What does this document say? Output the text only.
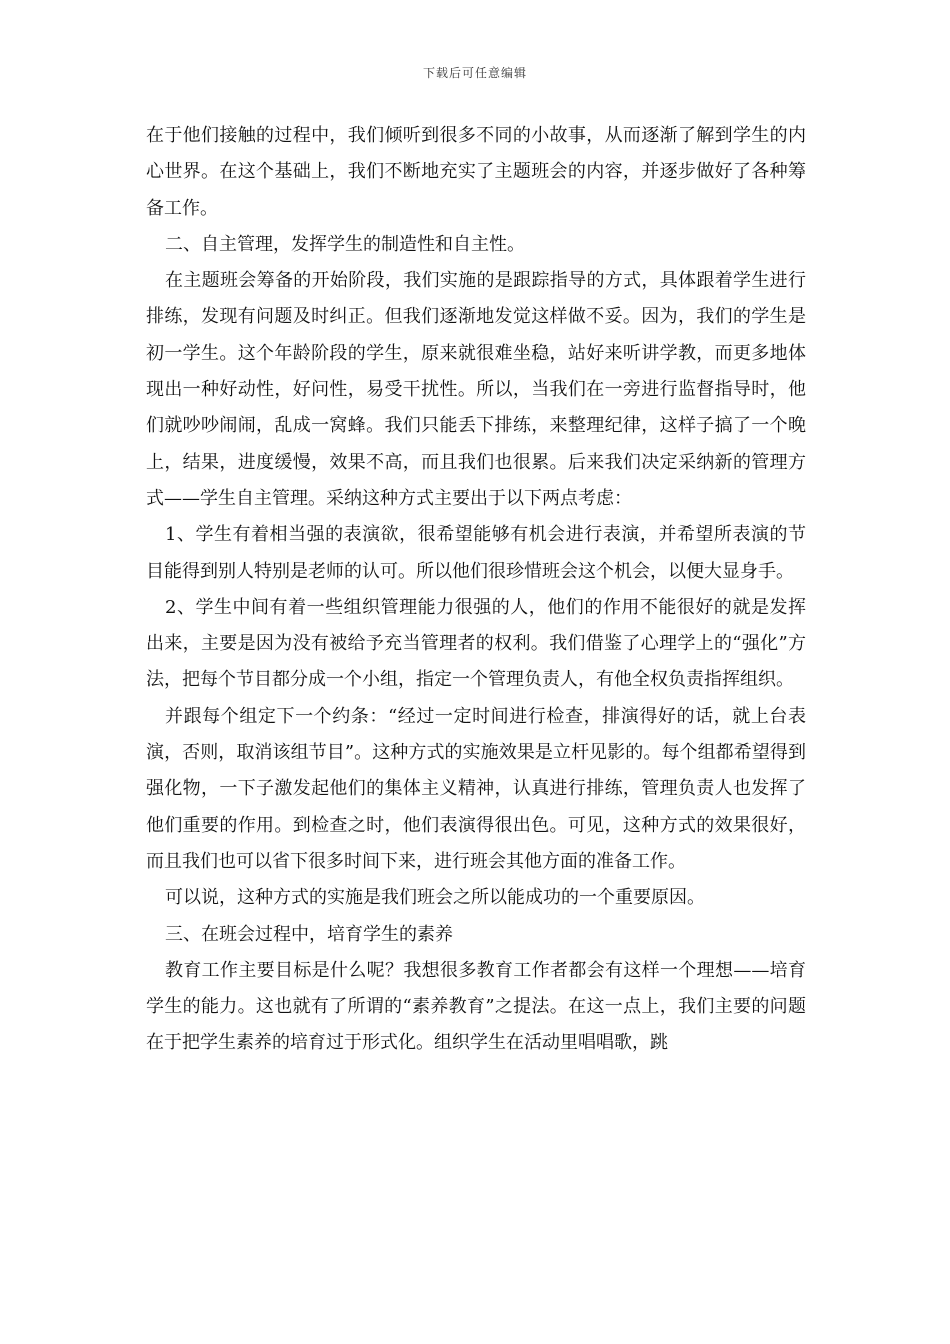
下载后可任意编辑

在于他们接触的过程中，我们倾听到很多不同的小故事，从而逐渐了解到学生的内心世界。在这个基础上，我们不断地充实了主题班会的内容，并逐步做好了各种筹备工作。

二、自主管理，发挥学生的制造性和自主性。

在主题班会筹备的开始阶段，我们实施的是跟踪指导的方式，具体跟着学生进行排练，发现有问题及时纠正。但我们逐渐地发觉这样做不妥。因为，我们的学生是初一学生。这个年龄阶段的学生，原来就很难坐稳，站好来听讲学教，而更多地体现出一种好动性，好问性，易受干扰性。所以，当我们在一旁进行监督指导时，他们就吵吵闹闹，乱成一窝蜂。我们只能丢下排练，来整理纪律，这样子搞了一个晚上，结果，进度缓慢，效果不高，而且我们也很累。后来我们决定采纳新的管理方式——学生自主管理。采纳这种方式主要出于以下两点考虑：

1、学生有着相当强的表演欲，很希望能够有机会进行表演，并希望所表演的节目能得到别人特别是老师的认可。所以他们很珍惜班会这个机会，以便大显身手。

2、学生中间有着一些组织管理能力很强的人，他们的作用不能很好的就是发挥出来，主要是因为没有被给予充当管理者的权利。我们借鉴了心理学上的“强化”方法，把每个节目都分成一个小组，指定一个管理负责人，有他全权负责指挥组织。

并跟每个组定下一个约条：“经过一定时间进行检查，排演得好的话，就上台表演，否则，取消该组节目”。这种方式的实施效果是立杆见影的。每个组都希望得到强化物，一下子激发起他们的集体主义精神，认真进行排练，管理负责人也发挥了他们重要的作用。到检查之时，他们表演得很出色。可见，这种方式的效果很好，而且我们也可以省下很多时间下来，进行班会其他方面的准备工作。

可以说，这种方式的实施是我们班会之所以能成功的一个重要原因。

三、在班会过程中，培育学生的素养

教育工作主要目标是什么呢？我想很多教育工作者都会有这样一个理想——培育学生的能力。这也就有了所谓的“素养教育”之提法。在这一点上，我们主要的问题在于把学生素养的培育过于形式化。组织学生在活动里唱唱歌，跳
